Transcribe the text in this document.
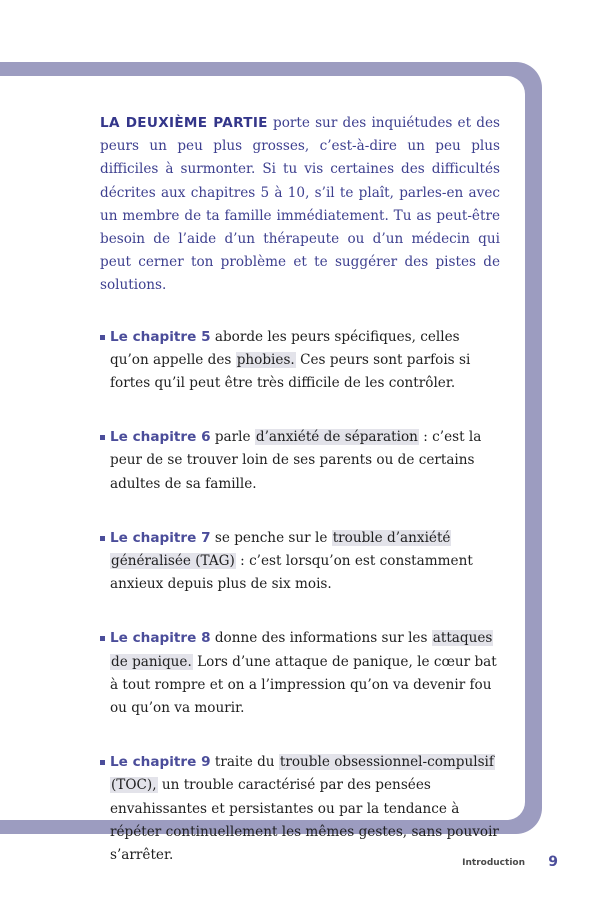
LA DEUXIÈME PARTIE porte sur des inquiétudes et des peurs un peu plus grosses, c’est-à-dire un peu plus difficiles à surmonter. Si tu vis certaines des difficultés décrites aux chapitres 5 à 10, s’il te plaît, parles-en avec un membre de ta famille immédiatement. Tu as peut-être besoin de l’aide d’un thérapeute ou d’un médecin qui peut cerner ton problème et te suggérer des pistes de solutions.

Le chapitre 5 aborde les peurs spécifiques, celles qu’on appelle des phobies. Ces peurs sont parfois si fortes qu’il peut être très difficile de les contrôler.
Le chapitre 6 parle d’anxiété de séparation : c’est la peur de se trouver loin de ses parents ou de certains adultes de sa famille.
Le chapitre 7 se penche sur le trouble d’anxiété généralisée (TAG) : c’est lorsqu’on est constamment anxieux depuis plus de six mois.
Le chapitre 8 donne des informations sur les attaques de panique. Lors d’une attaque de panique, le cœur bat à tout rompre et on a l’impression qu’on va devenir fou ou qu’on va mourir.
Le chapitre 9 traite du trouble obsessionnel-compulsif (TOC), un trouble caractérisé par des pensées envahissantes et persistantes ou par la tendance à répéter continuellement les mêmes gestes, sans pouvoir s’arrêter.	Introduction 9
